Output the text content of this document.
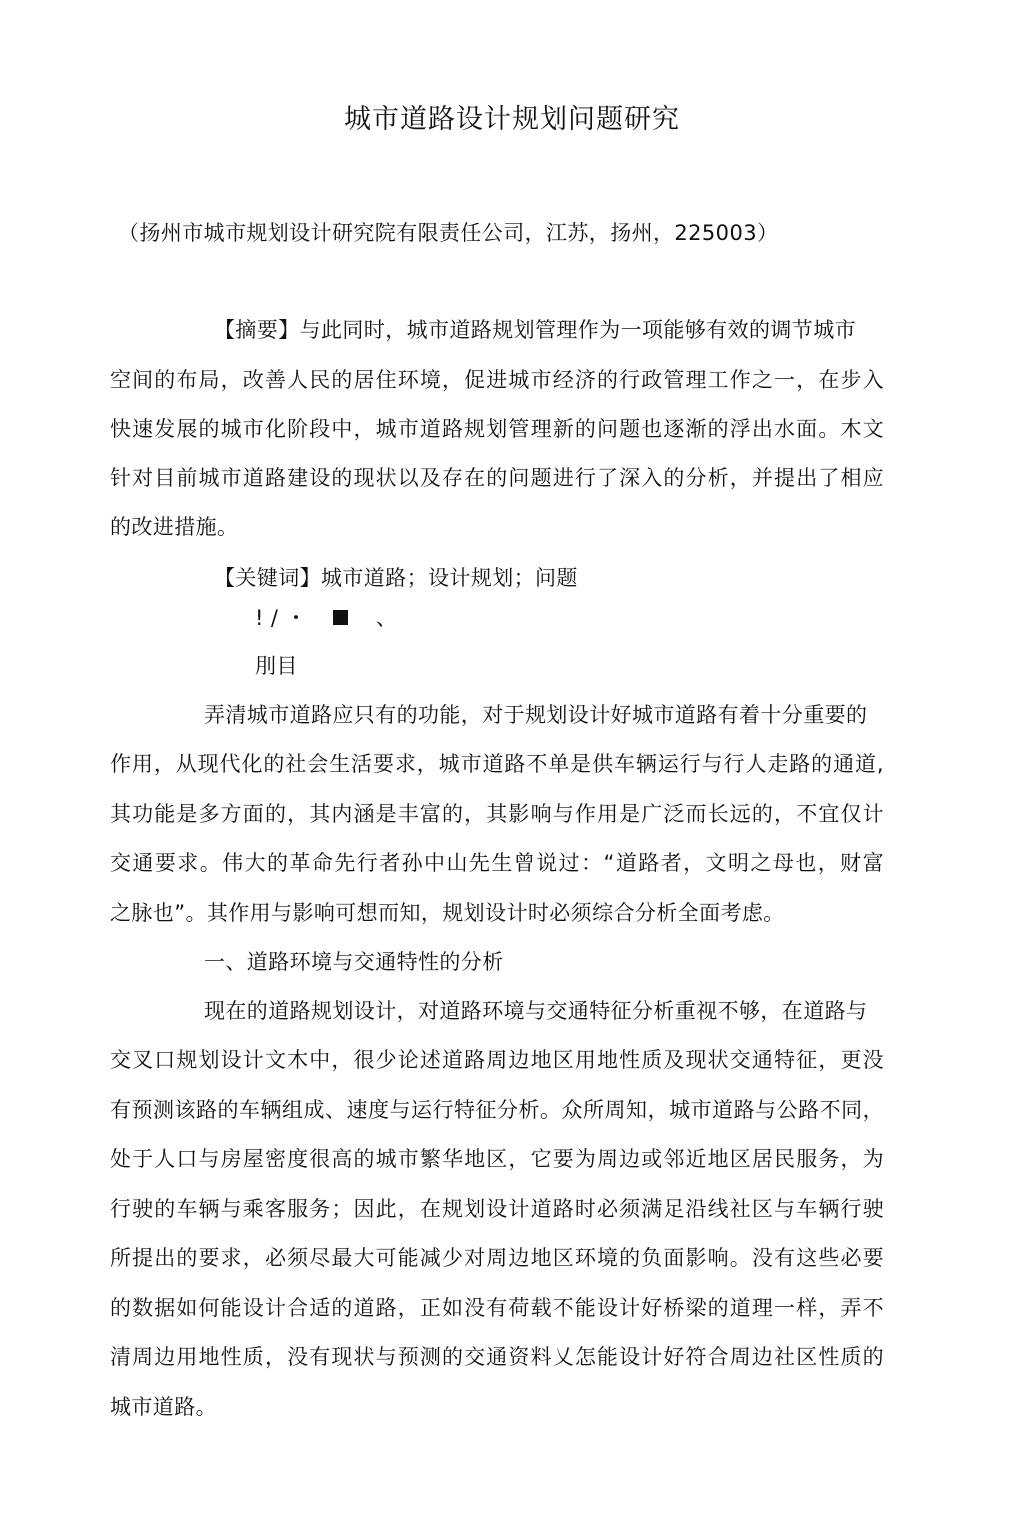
城市道路设计规划问题研究
（扬州市城市规划设计研究院有限责任公司，江苏，扬州，225003）
【摘要】与此同时，城市道路规划管理作为一项能够有效的调节城市
空间的布局，改善人民的居住环境，促进城市经济的行政管理工作之一，在步入
快速发展的城市化阶段中，城市道路规划管理新的问题也逐渐的浮出水面。木文
针对目前城市道路建设的现状以及存在的问题进行了深入的分析，并提出了相应
的改进措施。
【关键词】城市道路；设计规划；问题
! / ・	、
刖目
弄清城市道路应只有的功能，对于规划设计好城市道路有着十分重要的
作用，从现代化的社会生活要求，城市道路不单是供车辆运行与行人走路的通道,
其功能是多方面的，其内涵是丰富的，其影响与作用是广泛而长远的，不宜仅计
交通要求。伟大的革命先行者孙中山先生曾说过：“道路者，文明之母也，财富
之脉也”。其作用与影响可想而知，规划设计时必须综合分析全面考虑。
一、道路环境与交通特性的分析
现在的道路规划设计，对道路环境与交通特征分析重视不够，在道路与
交叉口规划设计文木中，很少论述道路周边地区用地性质及现状交通特征，更没
有预测该路的车辆组成、速度与运行特征分析。众所周知，城市道路与公路不同，
处于人口与房屋密度很高的城市繁华地区，它要为周边或邻近地区居民服务，为
行驶的车辆与乘客服务；因此，在规划设计道路时必须满足沿线社区与车辆行驶
所提出的要求，必须尽最大可能减少对周边地区环境的负面影响。没有这些必要
的数据如何能设计合适的道路，正如没有荷载不能设计好桥梁的道理一样，弄不
清周边用地性质，没有现状与预测的交通资料乂怎能设计好符合周边社区性质的
城市道路。
